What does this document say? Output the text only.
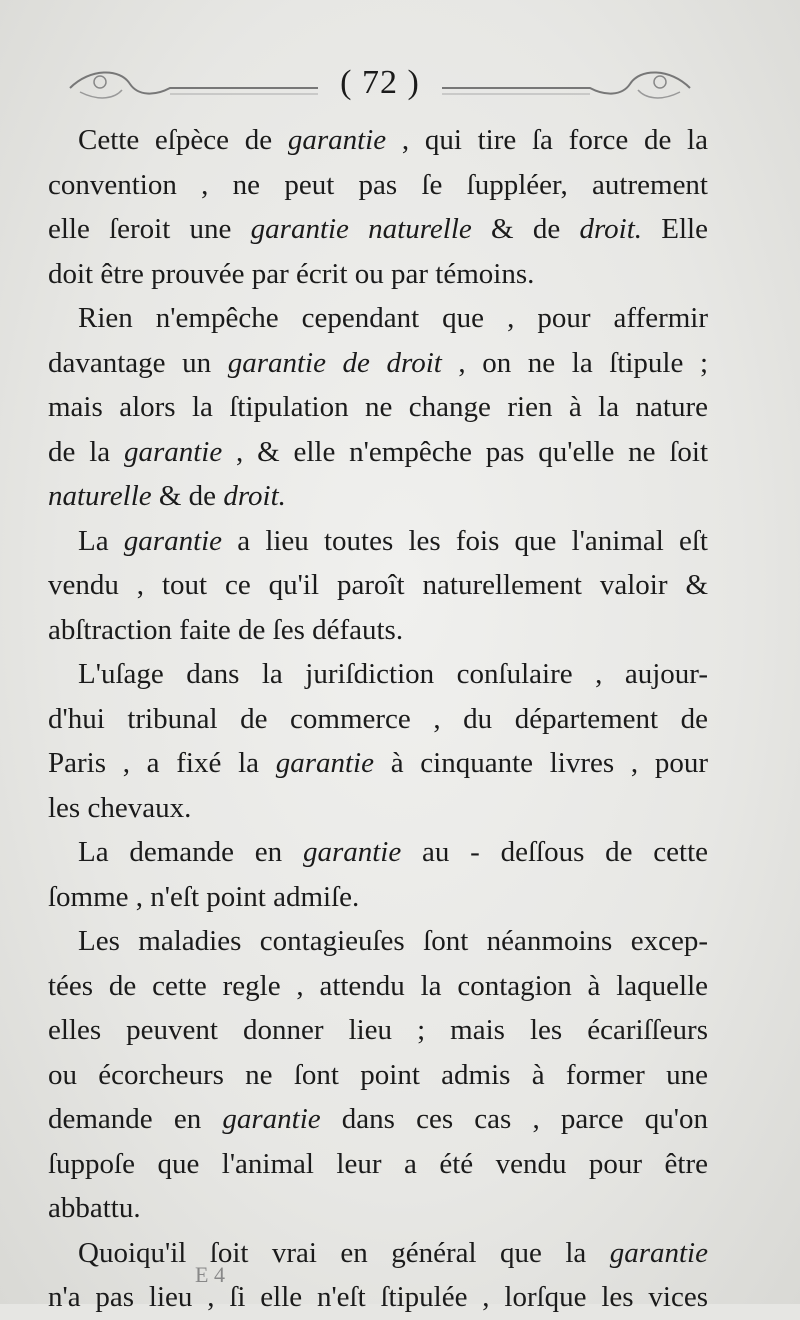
( 72 )
Cette eſpèce de garantie , qui tire ſa force de la
convention , ne peut pas ſe ſuppléer, autrement
elle ſeroit une garantie naturelle & de droit. Elle
doit être prouvée par écrit ou par témoins.
Rien n'empêche cependant que , pour affermir
davantage un garantie de droit , on ne la ſtipule ;
mais alors la ſtipulation ne change rien à la nature
de la garantie , & elle n'empêche pas qu'elle ne ſoit
naturelle & de droit.
La garantie a lieu toutes les fois que l'animal eſt
vendu , tout ce qu'il paroît naturellement valoir &
abſtraction faite de ſes défauts.
L'uſage dans la juriſdiction conſulaire , aujour-
d'hui tribunal de commerce , du département de
Paris , a fixé la garantie à cinquante livres , pour
les chevaux.
La demande en garantie au - deſſous de cette
ſomme , n'eſt point admiſe.
Les maladies contagieuſes ſont néanmoins excep-
tées de cette regle , attendu la contagion à laquelle
elles peuvent donner lieu ; mais les écariſſeurs
ou écorcheurs ne ſont point admis à former une
demande en garantie dans ces cas , parce qu'on
ſuppoſe que l'animal leur a été vendu pour être
abbattu.
Quoiqu'il ſoit vrai en général que la garantie
n'a pas lieu , ſi elle n'eſt ſtipulée , lorſque les vices
E 4
